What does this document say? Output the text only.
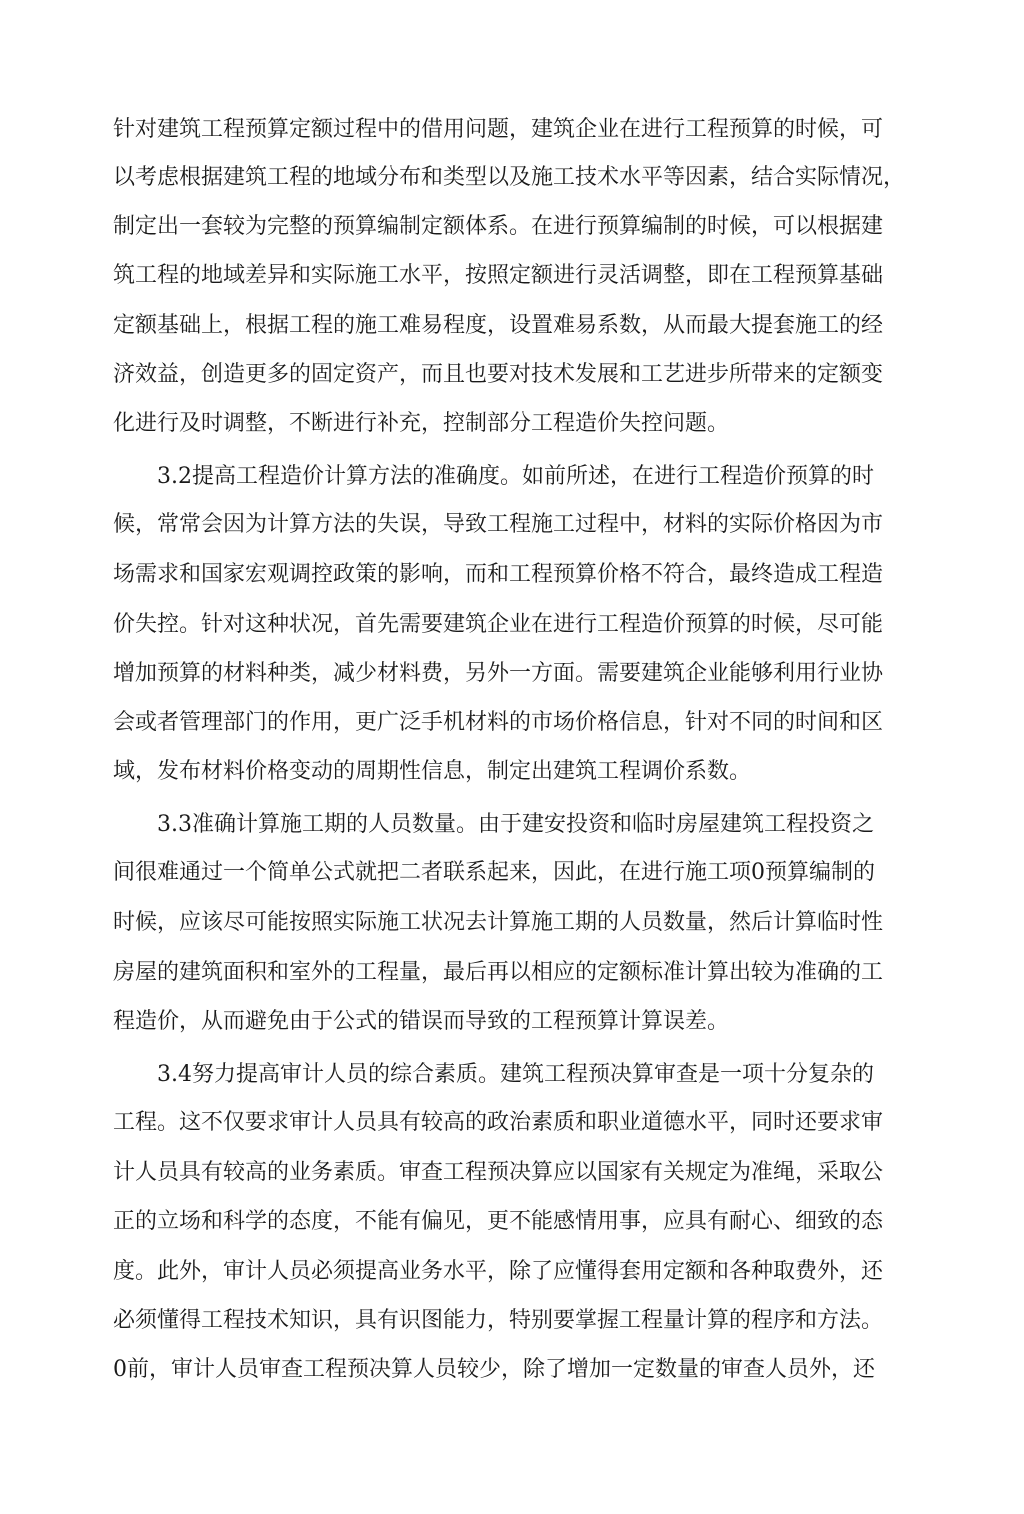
针对建筑工程预算定额过程中的借用问题，建筑企业在进行工程预算的时候，可
以考虑根据建筑工程的地域分布和类型以及施工技术水平等因素，结合实际情况，
制定出一套较为完整的预算编制定额体系。在进行预算编制的时候，可以根据建
筑工程的地域差异和实际施工水平，按照定额进行灵活调整，即在工程预算基础
定额基础上，根据工程的施工难易程度，设置难易系数，从而最大提套施工的经
济效益，创造更多的固定资产，而且也要对技术发展和工艺进步所带来的定额变
化进行及时调整，不断进行补充，控制部分工程造价失控问题。
3.2提高工程造价计算方法的准确度。如前所述，在进行工程造价预算的时
候，常常会因为计算方法的失误，导致工程施工过程中，材料的实际价格因为市
场需求和国家宏观调控政策的影响，而和工程预算价格不符合，最终造成工程造
价失控。针对这种状况，首先需要建筑企业在进行工程造价预算的时候，尽可能
增加预算的材料种类，减少材料费，另外一方面。需要建筑企业能够利用行业协
会或者管理部门的作用，更广泛手机材料的市场价格信息，针对不同的时间和区
域，发布材料价格变动的周期性信息，制定出建筑工程调价系数。
3.3准确计算施工期的人员数量。由于建安投资和临时房屋建筑工程投资之
间很难通过一个简单公式就把二者联系起来，因此，在进行施工项0预算编制的
时候，应该尽可能按照实际施工状况去计算施工期的人员数量，然后计算临时性
房屋的建筑面积和室外的工程量，最后再以相应的定额标准计算出较为准确的工
程造价，从而避免由于公式的错误而导致的工程预算计算误差。
3.4努力提高审计人员的综合素质。建筑工程预决算审查是一项十分复杂的
工程。这不仅要求审计人员具有较高的政治素质和职业道德水平，同时还要求审
计人员具有较高的业务素质。审查工程预决算应以国家有关规定为准绳，采取公
正的立场和科学的态度，不能有偏见，更不能感情用事，应具有耐心、细致的态
度。此外，审计人员必须提高业务水平，除了应懂得套用定额和各种取费外，还
必须懂得工程技术知识，具有识图能力，特别要掌握工程量计算的程序和方法。
0前，审计人员审查工程预决算人员较少，除了增加一定数量的审查人员外，还
